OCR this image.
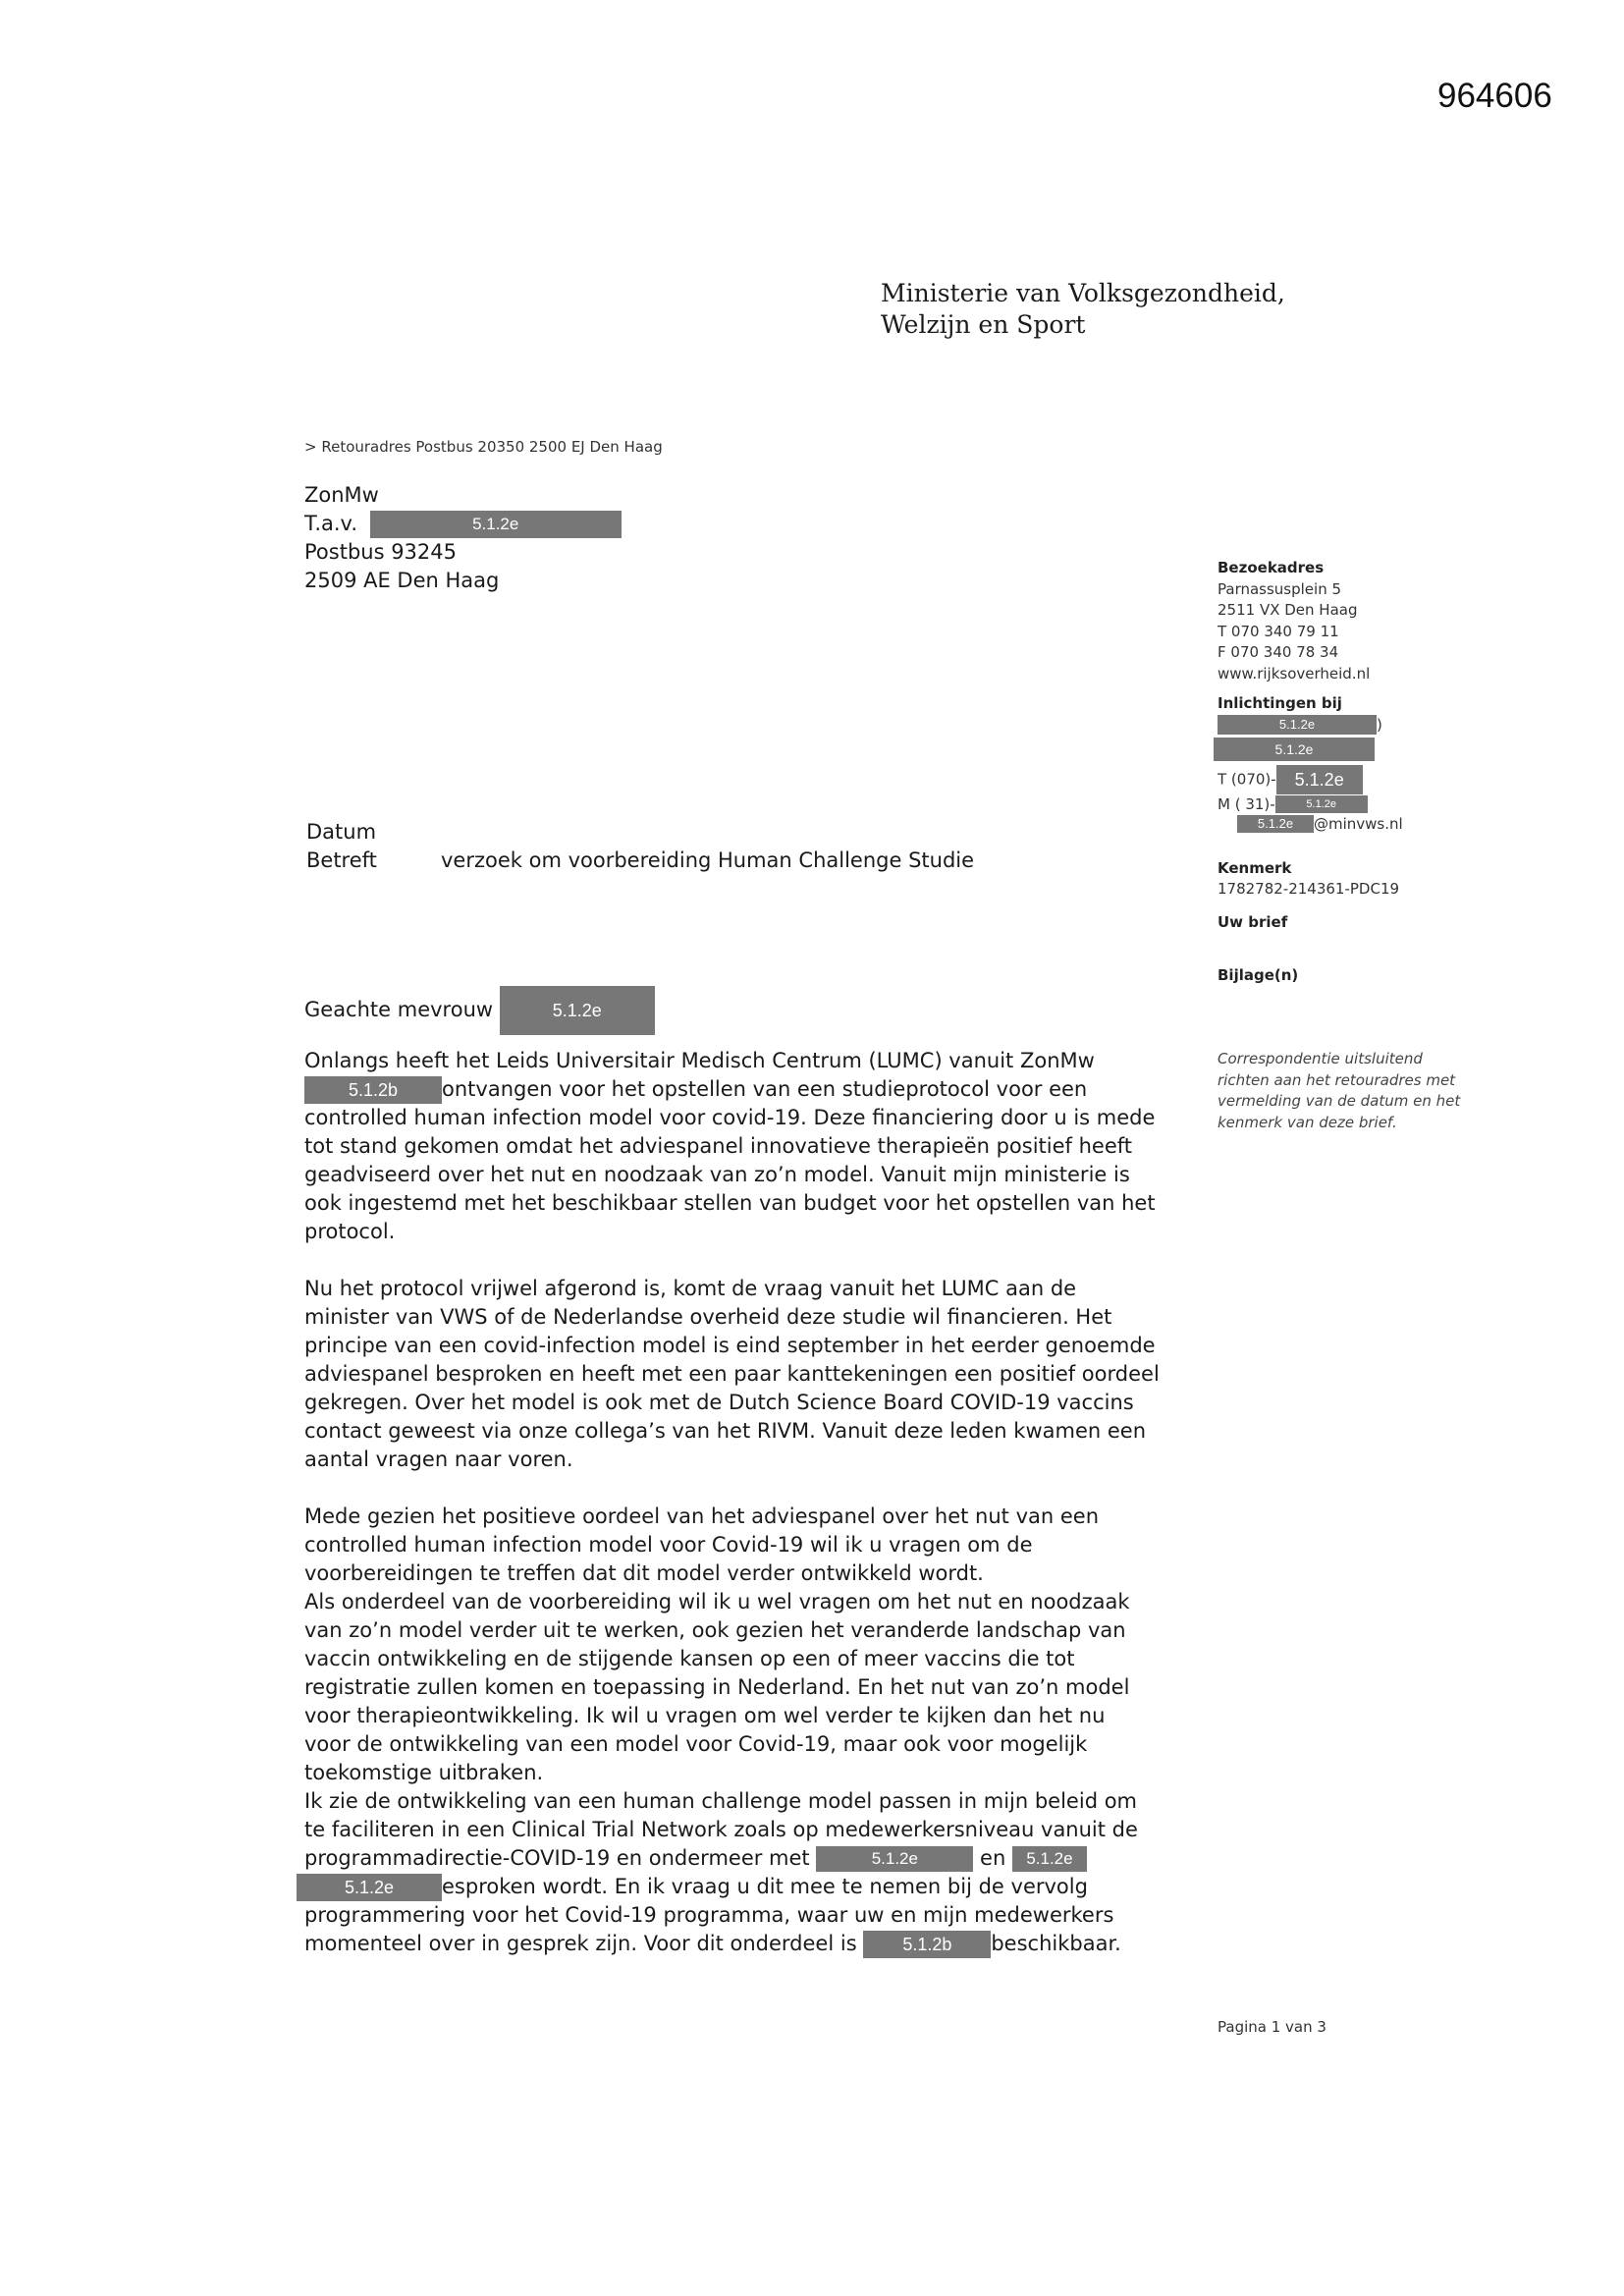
964606
Ministerie van Volksgezondheid,
Welzijn en Sport
> Retouradres Postbus 20350 2500 EJ Den Haag
ZonMw
T.a.v.	5.1.2e
Postbus 93245
2509 AE Den Haag
Bezoekadres
Parnassusplein 5
2511 VX Den Haag
T 070 340 79 11
F 070 340 78 34
www.rijksoverheid.nl
Inlichtingen bij
5.1.2e	)
5.1.2e
T (070)- 5.1.2e
M ( 31)-	5.1.2e
5.1.2e @minvws.nl
Kenmerk
1782782-214361-PDC19
Uw brief
Bijlage(n)
Correspondentie uitsluitend richten aan het retouradres met vermelding van de datum en het kenmerk van deze brief.
Datum
Betreft	verzoek om voorbereiding Human Challenge Studie
Geachte mevrouw	5.1.2e
Onlangs heeft het Leids Universitair Medisch Centrum (LUMC) vanuit ZonMw
5.1.2b ontvangen voor het opstellen van een studieprotocol voor een
controlled human infection model voor covid-19. Deze financiering door u is mede
tot stand gekomen omdat het adviespanel innovatieve therapieën positief heeft
geadviseerd over het nut en noodzaak van zo’n model. Vanuit mijn ministerie is
ook ingestemd met het beschikbaar stellen van budget voor het opstellen van het
protocol.
Nu het protocol vrijwel afgerond is, komt de vraag vanuit het LUMC aan de
minister van VWS of de Nederlandse overheid deze studie wil financieren. Het
principe van een covid-infection model is eind september in het eerder genoemde
adviespanel besproken en heeft met een paar kanttekeningen een positief oordeel
gekregen. Over het model is ook met de Dutch Science Board COVID-19 vaccins
contact geweest via onze collega’s van het RIVM. Vanuit deze leden kwamen een
aantal vragen naar voren.
Mede gezien het positieve oordeel van het adviespanel over het nut van een
controlled human infection model voor Covid-19 wil ik u vragen om de
voorbereidingen te treffen dat dit model verder ontwikkeld wordt.
Als onderdeel van de voorbereiding wil ik u wel vragen om het nut en noodzaak
van zo’n model verder uit te werken, ook gezien het veranderde landschap van
vaccin ontwikkeling en de stijgende kansen op een of meer vaccins die tot
registratie zullen komen en toepassing in Nederland. En het nut van zo’n model
voor therapieontwikkeling. Ik wil u vragen om wel verder te kijken dan het nu
voor de ontwikkeling van een model voor Covid-19, maar ook voor mogelijk
toekomstige uitbraken.
Ik zie de ontwikkeling van een human challenge model passen in mijn beleid om
te faciliteren in een Clinical Trial Network zoals op medewerkersniveau vanuit de
programmadirectie-COVID-19 en ondermeer met	5.1.2e	en 5.1.2e
5.1.2e esproken wordt. En ik vraag u dit mee te nemen bij de vervolg
programmering voor het Covid-19 programma, waar uw en mijn medewerkers
momenteel over in gesprek zijn. Voor dit onderdeel is	5.1.2b beschikbaar.
Pagina 1 van 3
